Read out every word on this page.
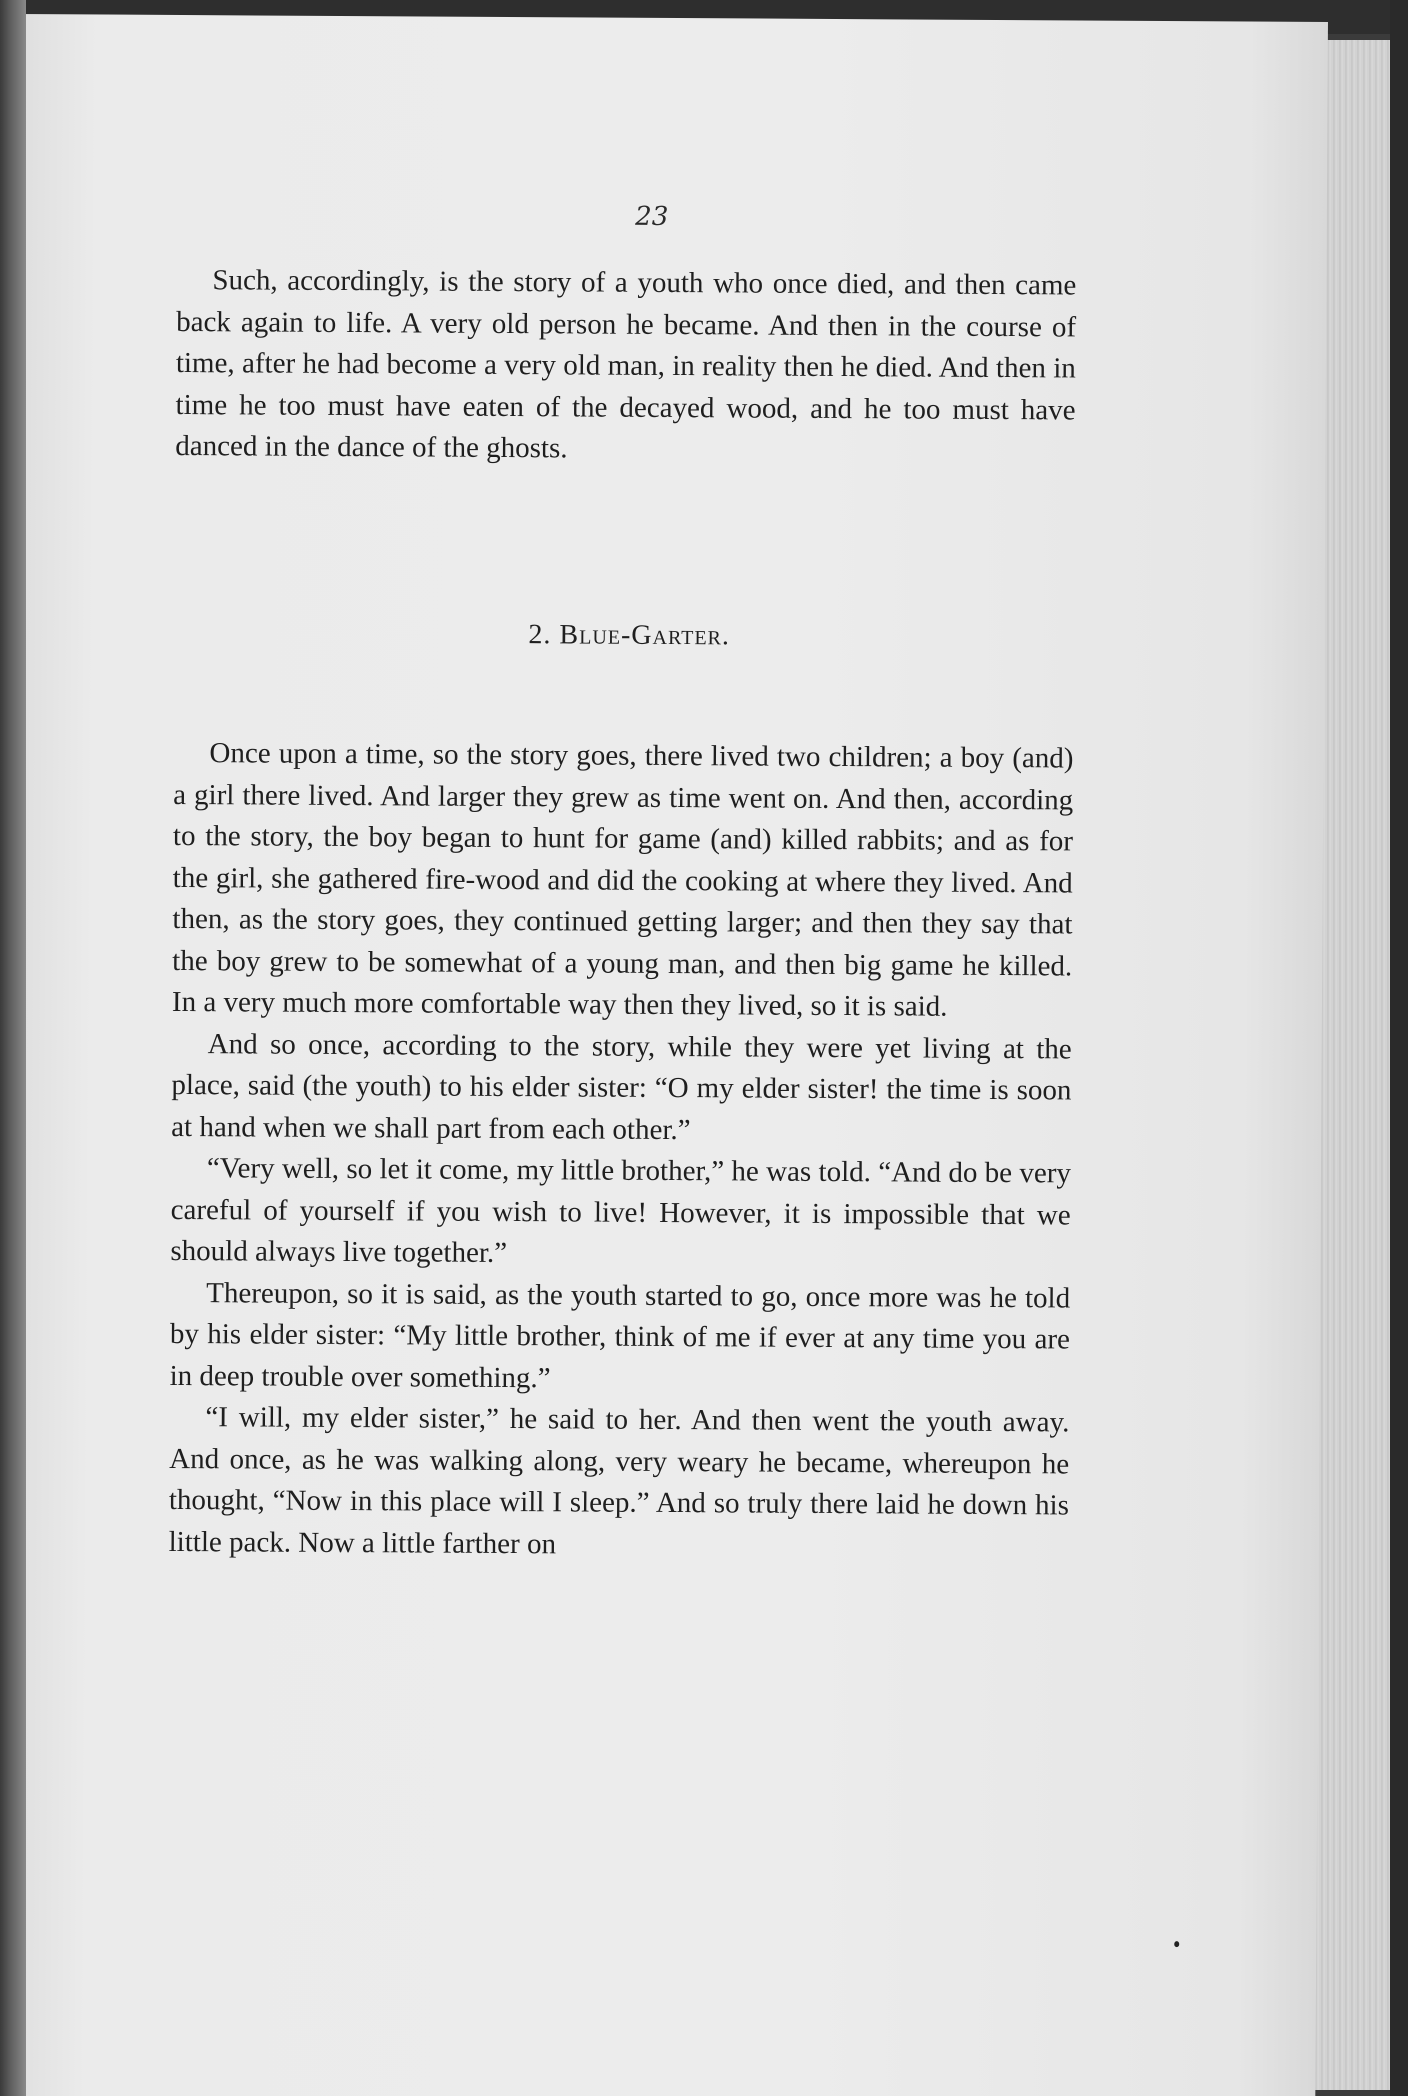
23

Such, accordingly, is the story of a youth who once died, and then came back again to life. A very old person he became. And then in the course of time, after he had become a very old man, in reality then he died. And then in time he too must have eaten of the decayed wood, and he too must have danced in the dance of the ghosts.

2. Blue-Garter.

Once upon a time, so the story goes, there lived two children; a boy (and) a girl there lived. And larger they grew as time went on. And then, according to the story, the boy began to hunt for game (and) killed rabbits; and as for the girl, she gathered fire-wood and did the cooking at where they lived. And then, as the story goes, they continued getting larger; and then they say that the boy grew to be somewhat of a young man, and then big game he killed. In a very much more comfortable way then they lived, so it is said.

And so once, according to the story, while they were yet living at the place, said (the youth) to his elder sister: “O my elder sister! the time is soon at hand when we shall part from each other.”

“Very well, so let it come, my little brother,” he was told. “And do be very careful of yourself if you wish to live! However, it is impossible that we should always live together.”

Thereupon, so it is said, as the youth started to go, once more was he told by his elder sister: “My little brother, think of me if ever at any time you are in deep trouble over something.”

“I will, my elder sister,” he said to her. And then went the youth away. And once, as he was walking along, very weary he became, whereupon he thought, “Now in this place will I sleep.” And so truly there laid he down his little pack. Now a little farther on
